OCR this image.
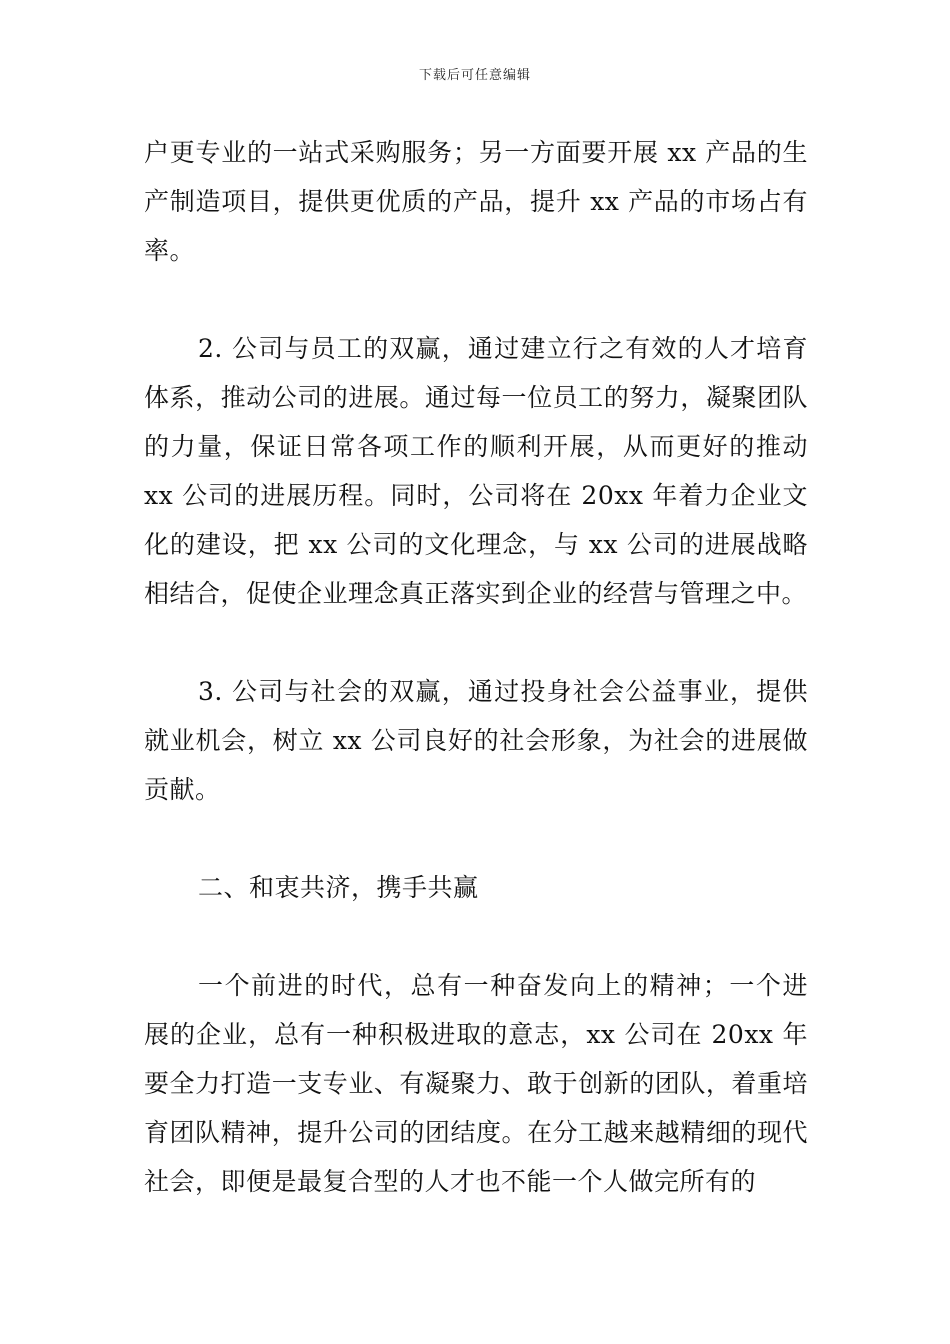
下载后可任意编辑

户更专业的一站式采购服务；另一方面要开展 xx 产品的生产制造项目，提供更优质的产品，提升 xx 产品的市场占有率。

2. 公司与员工的双赢，通过建立行之有效的人才培育体系，推动公司的进展。通过每一位员工的努力，凝聚团队的力量，保证日常各项工作的顺利开展，从而更好的推动 xx 公司的进展历程。同时，公司将在 20xx 年着力企业文化的建设，把 xx 公司的文化理念，与 xx 公司的进展战略相结合，促使企业理念真正落实到企业的经营与管理之中。

3. 公司与社会的双赢，通过投身社会公益事业，提供就业机会，树立 xx 公司良好的社会形象，为社会的进展做贡献。

二、和衷共济，携手共赢

一个前进的时代，总有一种奋发向上的精神；一个进展的企业，总有一种积极进取的意志，xx 公司在 20xx 年要全力打造一支专业、有凝聚力、敢于创新的团队，着重培育团队精神，提升公司的团结度。在分工越来越精细的现代社会，即便是最复合型的人才也不能一个人做完所有的
